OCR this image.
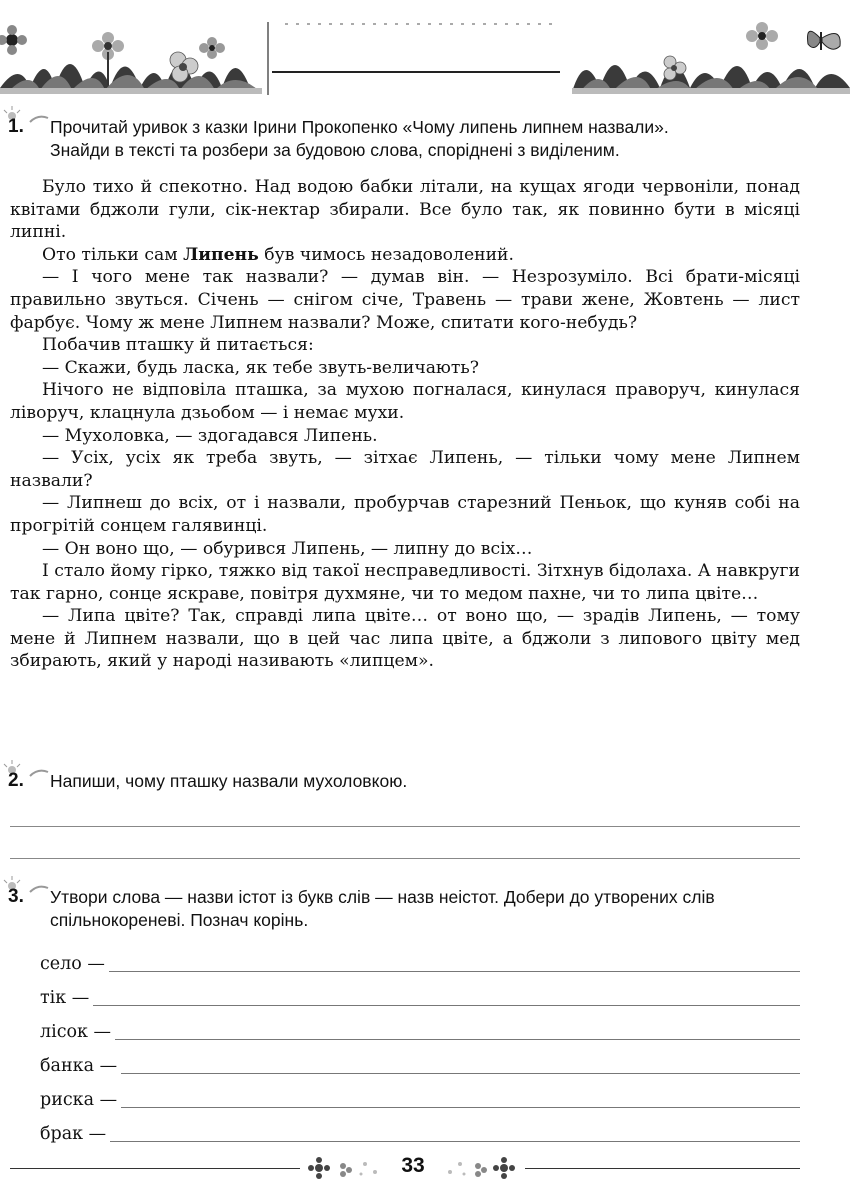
1. Прочитай уривок з казки Ірини Прокопенко «Чому липень липнем назвали».
Знайди в тексті та розбери за будовою слова, споріднені з виділеним.

Було тихо й спекотно. Над водою бабки літали, на кущах ягоди червоніли, понад квітами бджоли гули, сік-нектар збирали. Все було так, як повинно бути в місяці липні.

Ото тільки сам Липень був чимось незадоволений.

— І чого мене так назвали? — думав він. — Незрозуміло. Всі брати-місяці правильно звуться. Січень — снігом січе, Травень — трави жене, Жовтень — лист фарбує. Чому ж мене Липнем назвали? Може, спитати кого-небудь?

Побачив пташку й питається:

— Скажи, будь ласка, як тебе звуть-величають?

Нічого не відповіла пташка, за мухою погналася, кинулася праворуч, кинулася ліворуч, клацнула дзьобом — і немає мухи.

— Мухоловка, — здогадався Липень.

— Усіх, усіх як треба звуть, — зітхає Липень, — тільки чому мене Липнем назвали?

— Липнеш до всіх, от і назвали, пробурчав старезний Пеньок, що куняв собі на прогрітій сонцем галявинці.

— Он воно що, — обурився Липень, — липну до всіх…

І стало йому гірко, тяжко від такої несправедливості. Зітхнув бідолаха. А навкруги так гарно, сонце яскраве, повітря духмяне, чи то медом пахне, чи то липа цвіте…

— Липа цвіте? Так, справді липа цвіте… от воно що, — зрадів Липень, — тому мене й Липнем назвали, що в цей час липа цвіте, а бджоли з липового цвіту мед збирають, який у народі називають «липцем».

2. Напиши, чому пташку назвали мухоловкою.
3. Утвори слова — назви істот із букв слів — назв неістот. Добери до утворених слів
спільнокореневі. Познач корінь.
село —
тік —
лісок —
банка —
риска —
брак —
33
